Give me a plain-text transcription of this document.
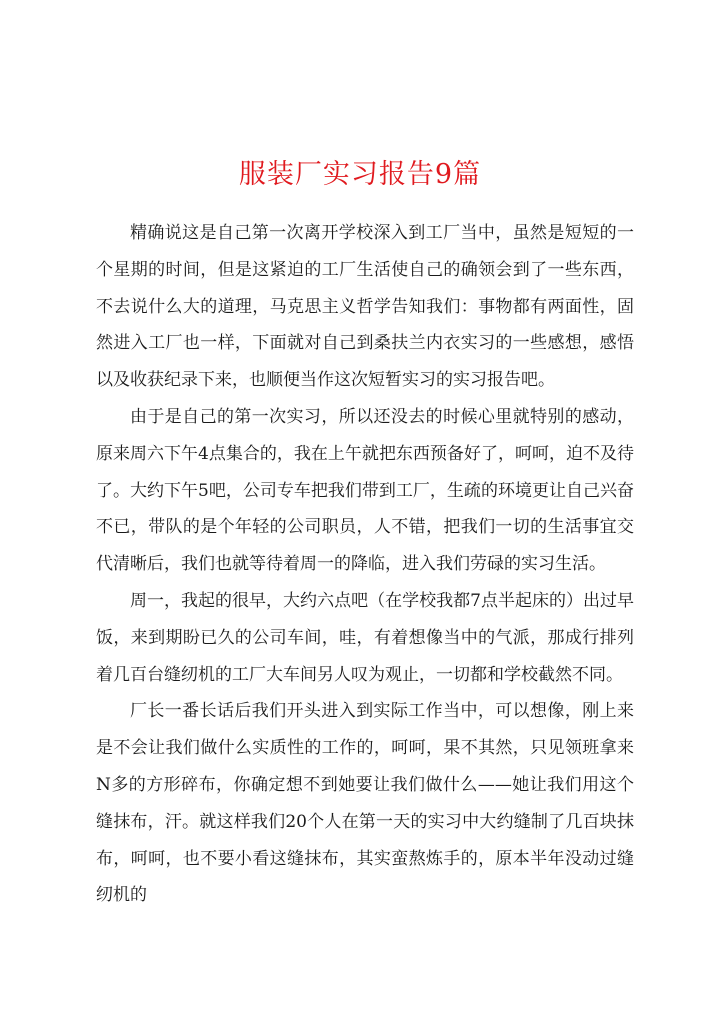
服装厂实习报告9篇

精确说这是自己第一次离开学校深入到工厂当中，虽然是短短的一个星期的时间，但是这紧迫的工厂生活使自己的确领会到了一些东西，不去说什么大的道理，马克思主义哲学告知我们：事物都有两面性，固然进入工厂也一样，下面就对自己到桑扶兰内衣实习的一些感想，感悟以及收获纪录下来，也顺便当作这次短暂实习的实习报告吧。

由于是自己的第一次实习，所以还没去的时候心里就特别的感动，原来周六下午4点集合的，我在上午就把东西预备好了，呵呵，迫不及待了。大约下午5吧，公司专车把我们带到工厂，生疏的环境更让自己兴奋不已，带队的是个年轻的公司职员，人不错，把我们一切的生活事宜交代清晰后，我们也就等待着周一的降临，进入我们劳碌的实习生活。

周一，我起的很早，大约六点吧（在学校我都7点半起床的）出过早饭，来到期盼已久的公司车间，哇，有着想像当中的气派，那成行排列着几百台缝纫机的工厂大车间另人叹为观止，一切都和学校截然不同。

厂长一番长话后我们开头进入到实际工作当中，可以想像，刚上来是不会让我们做什么实质性的工作的，呵呵，果不其然，只见领班拿来N多的方形碎布，你确定想不到她要让我们做什么——她让我们用这个缝抹布，汗。就这样我们20个人在第一天的实习中大约缝制了几百块抹布，呵呵，也不要小看这缝抹布，其实蛮熬炼手的，原本半年没动过缝纫机的
